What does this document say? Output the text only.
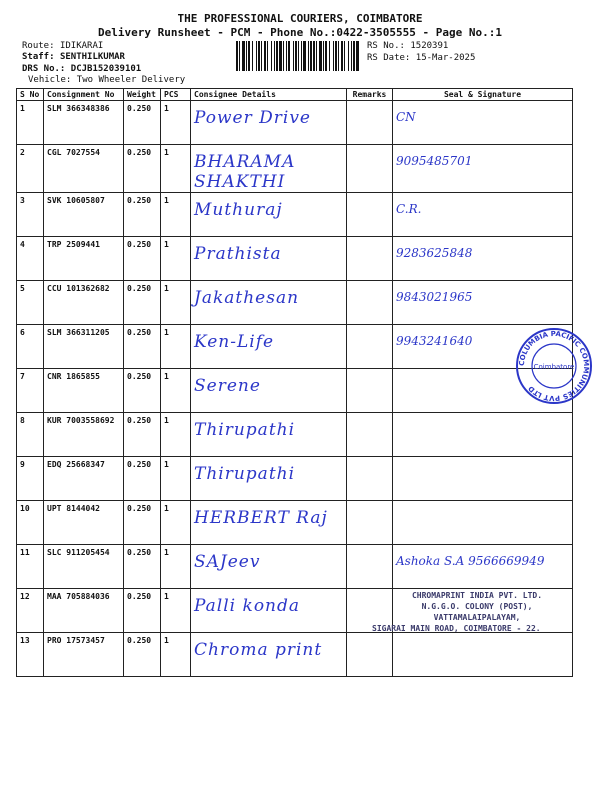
THE PROFESSIONAL COURIERS, COIMBATORE
Delivery Runsheet - PCM - Phone No.:0422-3505555 - Page No.:1
Route: IDIKARAI
Staff: SENTHILKUMAR
DRS No.: DCJB152039101
Vehicle: Two Wheeler Delivery
RS No.: 1520391
RS Date: 15-Mar-2025
S No	Consignment No	Weight	PCS	Consignee Details	Remarks	Seal & Signature
1	SLM 366348386	0.250	1	Power Drive		CN

2	CGL 7027554	0.250	1	BHARAMA SHAKTHI		9095485701

3	SVK 10605807	0.250	1	Muthuraj		C.R.

4	TRP 2509441	0.250	1	Prathista		9283625848

5	CCU 101362682	0.250	1	Jakathesan		9843021965

6	SLM 366311205	0.250	1	Ken-Life		9943241640

7	CNR 1865855	0.250	1	Serene		

8	KUR 7003558692	0.250	1	Thirupathi		

9	EDQ 25668347	0.250	1	Thirupathi		

10	UPT 8144042	0.250	1	HERBERT Raj		

11	SLC 911205454	0.250	1	SAJeev		Ashoka S.A 9566669949

12	MAA 705884036	0.250	1	Palli konda		

13	PRO 17573457	0.250	1	Chroma print		

COLUMBIA PACIFIC COMMUNITIES PVT LTD
Coimbatore
CHROMAPRINT INDIA PVT. LTD.
N.G.G.O. COLONY (POST),
VATTAMALAIPALAYAM,
SIGARAI MAIN ROAD, COIMBATORE - 22.
